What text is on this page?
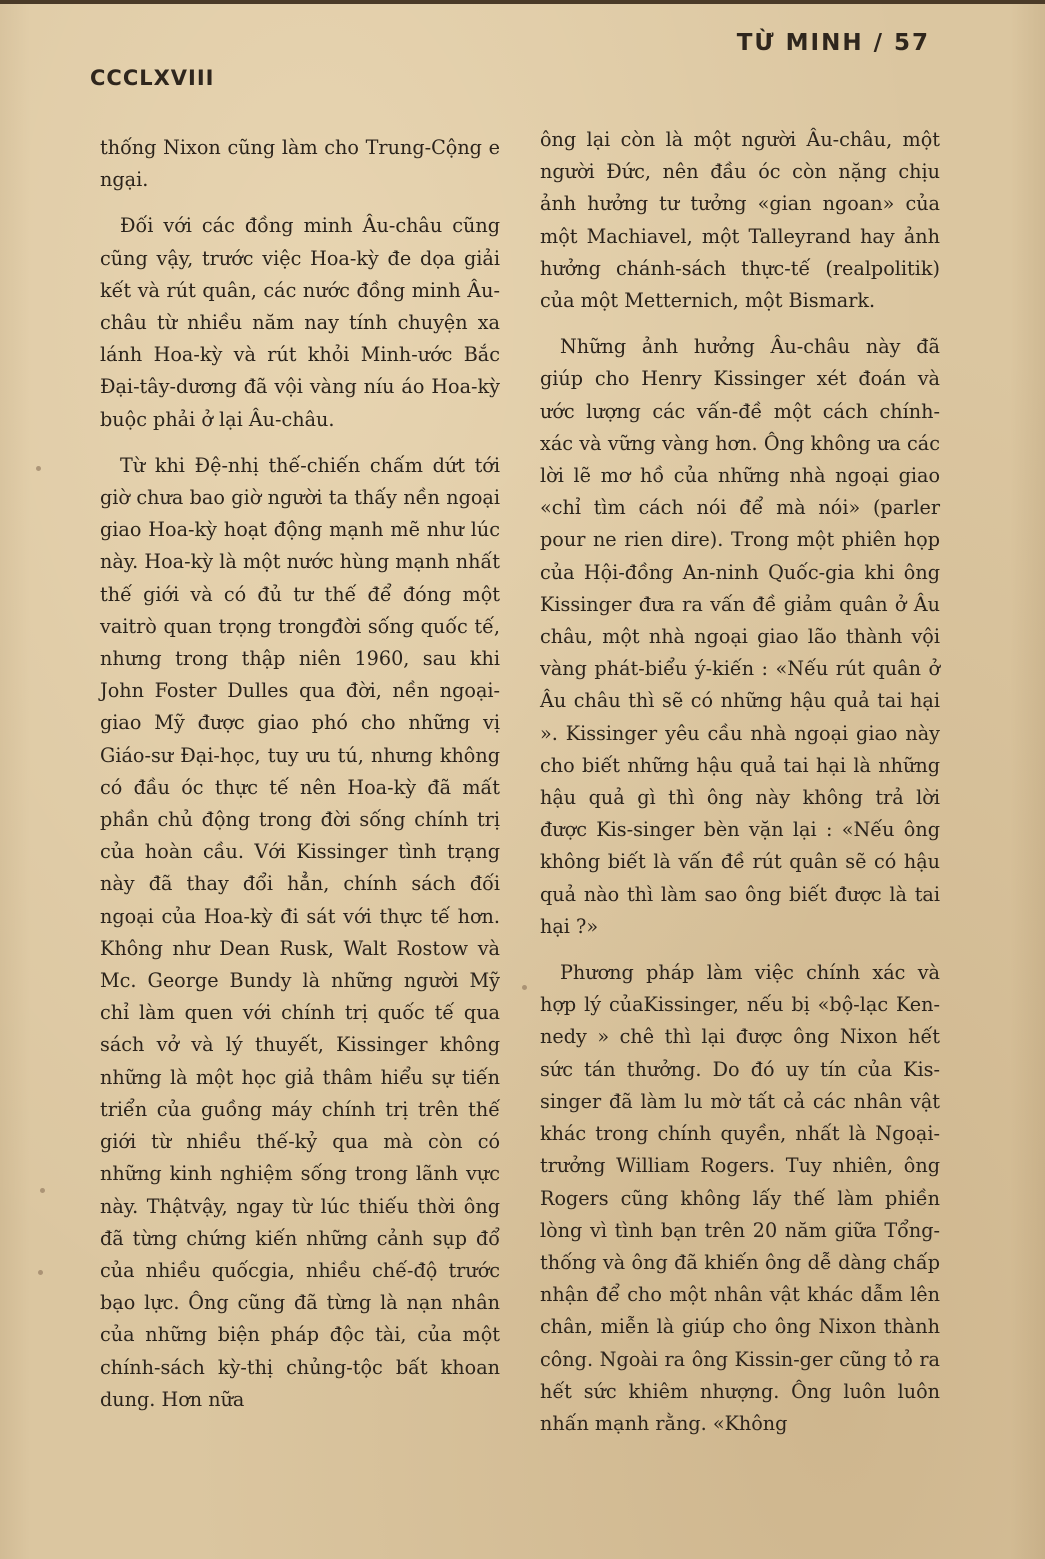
TỪ MINH / 57
CCCLXVIII

thống Nixon cũng làm cho Trung-Cộng e ngại.

Đối với các đồng minh Âu-châu cũng cũng vậy, trước việc Hoa-kỳ đe dọa giải kết và rút quân, các nước đồng minh Âu-châu từ nhiều năm nay tính chuyện xa lánh Hoa-kỳ và rút khỏi Minh-ước Bắc Đại-tây-dương đã vội vàng níu áo Hoa-kỳ buộc phải ở lại Âu-châu.

Từ khi Đệ-nhị thế-chiến chấm dứt tới giờ chưa bao giờ người ta thấy nền ngoại giao Hoa-kỳ hoạt động mạnh mẽ như lúc này. Hoa-kỳ là một nước hùng mạnh nhất thế giới và có đủ tư thế để đóng một vaitrò quan trọng trongđời sống quốc tế, nhưng trong thập niên 1960, sau khi John Foster Dulles qua đời, nền ngoại-giao Mỹ được giao phó cho những vị Giáo-sư Đại-học, tuy ưu tú, nhưng không có đầu óc thực tế nên Hoa-kỳ đã mất phần chủ động trong đời sống chính trị của hoàn cầu. Với Kissinger tình trạng này đã thay đổi hẳn, chính sách đối ngoại của Hoa-kỳ đi sát với thực tế hơn. Không như Dean Rusk, Walt Rostow và Mc. George Bundy là những người Mỹ chỉ làm quen với chính trị quốc tế qua sách vở và lý thuyết, Kissinger không những là một học giả thâm hiểu sự tiến triển của guồng máy chính trị trên thế giới từ nhiều thế-kỷ qua mà còn có những kinh nghiệm sống trong lãnh vực này. Thậtvậy, ngay từ lúc thiếu thời ông đã từng chứng kiến những cảnh sụp đổ của nhiều quốcgia, nhiều chế-độ trước bạo lực. Ông cũng đã từng là nạn nhân của những biện pháp độc tài, của một chính-sách kỳ-thị chủng-tộc bất khoan dung. Hơn nữa

ông lại còn là một người Âu-châu, một người Đức, nên đầu óc còn nặng chịu ảnh hưởng tư tưởng «gian ngoan» của một Machiavel, một Talleyrand hay ảnh hưởng chánh-sách thực-tế (realpolitik) của một Metternich, một Bismark.

Những ảnh hưởng Âu-châu này đã giúp cho Henry Kissinger xét đoán và ước lượng các vấn-đề một cách chính-xác và vững vàng hơn. Ông không ưa các lời lẽ mơ hồ của những nhà ngoại giao «chỉ tìm cách nói để mà nói» (parler pour ne rien dire). Trong một phiên họp của Hội-đồng An-ninh Quốc-gia khi ông Kissinger đưa ra vấn đề giảm quân ở Âu châu, một nhà ngoại giao lão thành vội vàng phát-biểu ý-kiến : «Nếu rút quân ở Âu châu thì sẽ có những hậu quả tai hại ». Kissinger yêu cầu nhà ngoại giao này cho biết những hậu quả tai hại là những hậu quả gì thì ông này không trả lời được Kis-singer bèn vặn lại : «Nếu ông không biết là vấn đề rút quân sẽ có hậu quả nào thì làm sao ông biết được là tai hại ?»

Phương pháp làm việc chính xác và hợp lý củaKissinger, nếu bị «bộ-lạc Ken-nedy » chê thì lại được ông Nixon hết sức tán thưởng. Do đó uy tín của Kis-singer đã làm lu mờ tất cả các nhân vật khác trong chính quyền, nhất là Ngoại-trưởng William Rogers. Tuy nhiên, ông Rogers cũng không lấy thế làm phiền lòng vì tình bạn trên 20 năm giữa Tổng-thống và ông đã khiến ông dễ dàng chấp nhận để cho một nhân vật khác dẫm lên chân, miễn là giúp cho ông Nixon thành công. Ngoài ra ông Kissin-ger cũng tỏ ra hết sức khiêm nhượng. Ông luôn luôn nhấn mạnh rằng. «Không
